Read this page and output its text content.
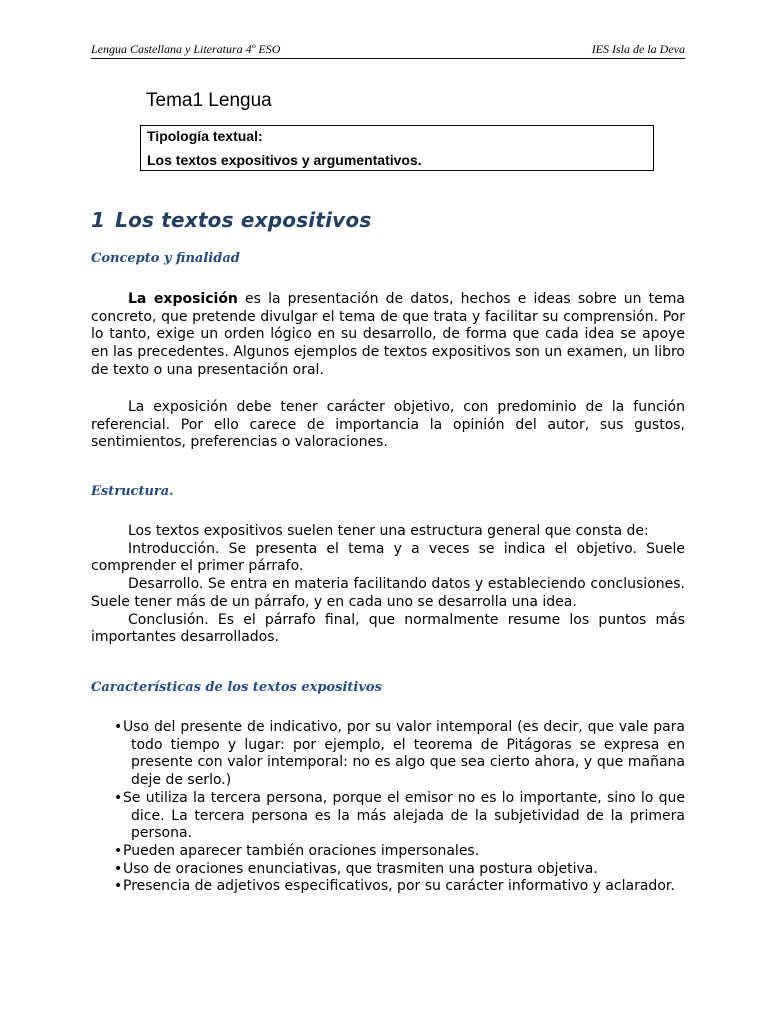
Lengua Castellana y Literatura 4º ESO	IES Isla de la Deva
Tema1 Lengua
Tipología textual:
Los textos expositivos y argumentativos.
1 Los textos expositivos
Concepto y finalidad

La exposición es la presentación de datos, hechos e ideas sobre un tema concreto, que pretende divulgar el tema de que trata y facilitar su comprensión. Por lo tanto, exige un orden lógico en su desarrollo, de forma que cada idea se apoye en las precedentes. Algunos ejemplos de textos expositivos son un examen, un libro de texto o una presentación oral.

La exposición debe tener carácter objetivo, con predominio de la función referencial. Por ello carece de importancia la opinión del autor, sus gustos, sentimientos, preferencias o valoraciones.

Estructura.

Los textos expositivos suelen tener una estructura general que consta de:

Introducción. Se presenta el tema y a veces se indica el objetivo. Suele comprender el primer párrafo.

Desarrollo. Se entra en materia facilitando datos y estableciendo conclusiones. Suele tener más de un párrafo, y en cada uno se desarrolla una idea.

Conclusión. Es el párrafo final, que normalmente resume los puntos más importantes desarrollados.

Características de los textos expositivos
•Uso del presente de indicativo, por su valor intemporal (es decir, que vale para todo tiempo y lugar: por ejemplo, el teorema de Pitágoras se expresa en presente con valor intemporal: no es algo que sea cierto ahora, y que mañana deje de serlo.)
•Se utiliza la tercera persona, porque el emisor no es lo importante, sino lo que dice. La tercera persona es la más alejada de la subjetividad de la primera persona.
•Pueden aparecer también oraciones impersonales.
•Uso de oraciones enunciativas, que trasmiten una postura objetiva.
•Presencia de adjetivos especificativos, por su carácter informativo y aclarador.
